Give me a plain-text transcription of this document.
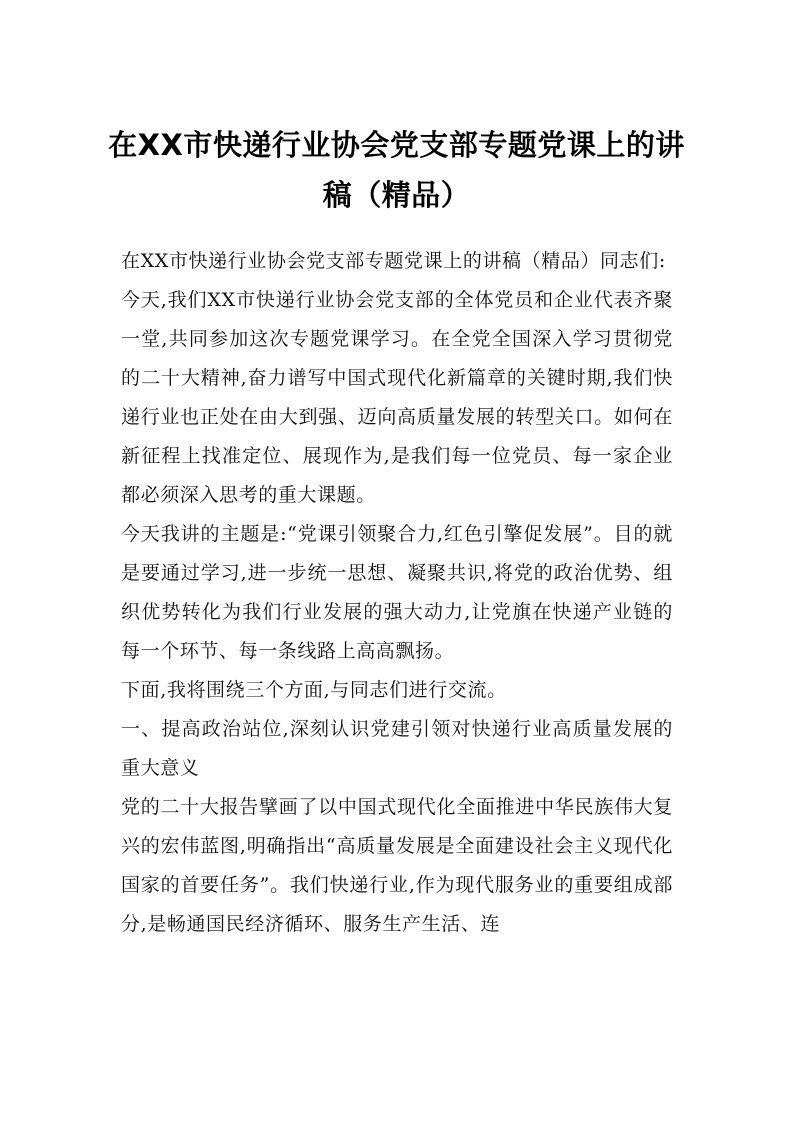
在XX市快递行业协会党支部专题党课上的讲稿（精品）

在XX市快递行业协会党支部专题党课上的讲稿（精品）同志们:

今天,我们XX市快递行业协会党支部的全体党员和企业代表齐聚一堂,共同参加这次专题党课学习。在全党全国深入学习贯彻党的二十大精神,奋力谱写中国式现代化新篇章的关键时期,我们快递行业也正处在由大到强、迈向高质量发展的转型关口。如何在新征程上找准定位、展现作为,是我们每一位党员、每一家企业都必须深入思考的重大课题。

今天我讲的主题是:“党课引领聚合力,红色引擎促发展”。目的就是要通过学习,进一步统一思想、凝聚共识,将党的政治优势、组织优势转化为我们行业发展的强大动力,让党旗在快递产业链的每一个环节、每一条线路上高高飘扬。

下面,我将围绕三个方面,与同志们进行交流。

一、提高政治站位,深刻认识党建引领对快递行业高质量发展的重大意义

党的二十大报告擘画了以中国式现代化全面推进中华民族伟大复兴的宏伟蓝图,明确指出“高质量发展是全面建设社会主义现代化国家的首要任务”。我们快递行业,作为现代服务业的重要组成部分,是畅通国民经济循环、服务生产生活、连
